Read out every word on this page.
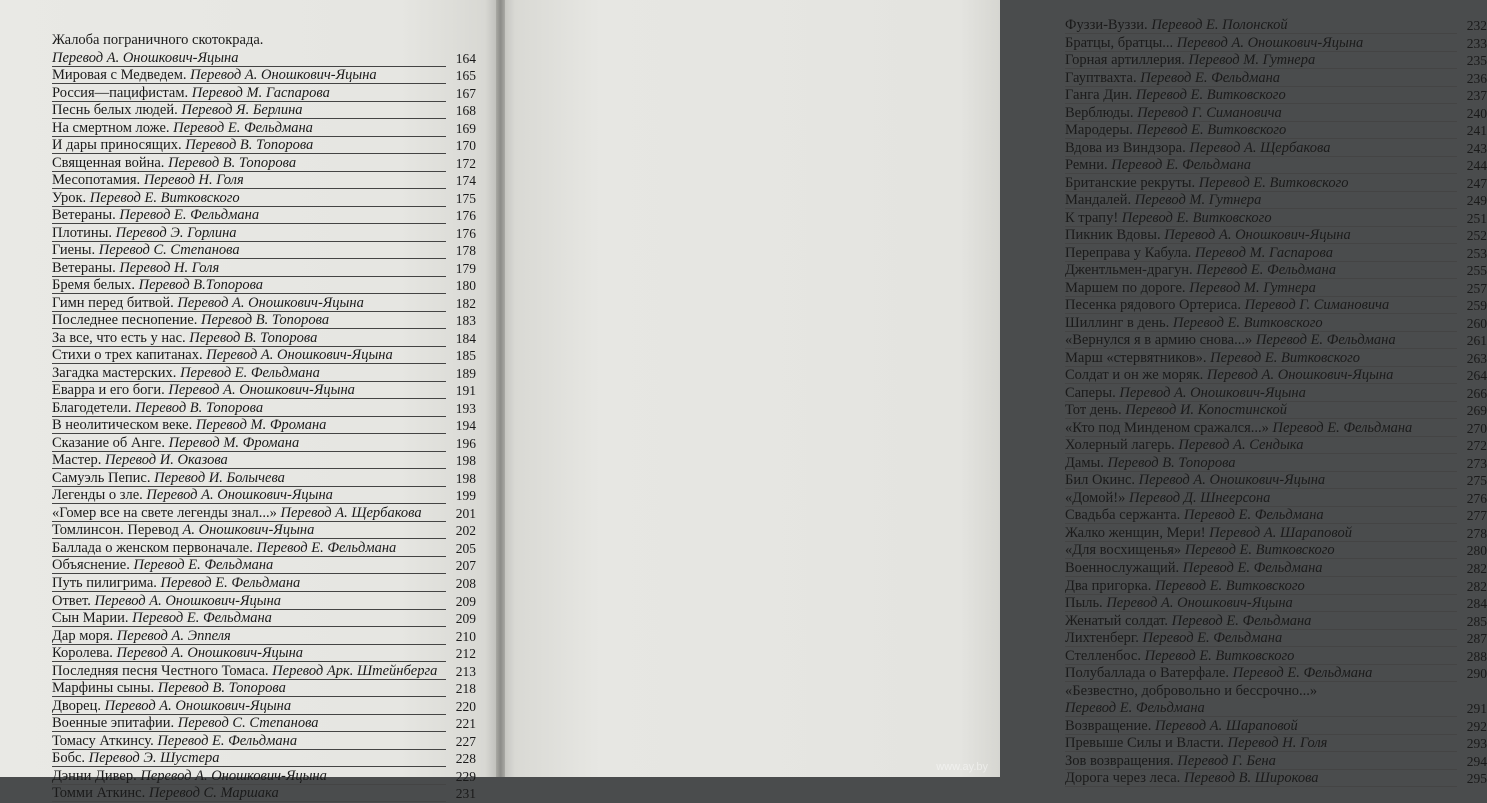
Жалоба пограничного скотокрада.
Перевод А. Оношкович-Яцына	164
Мировая с Медведем. Перевод А. Оношкович-Яцына	165
Россия—пацифистам. Перевод М. Гаспарова	167
Песнь белых людей. Перевод Я. Берлина	168
На смертном ложе. Перевод Е. Фельдмана	169
И дары приносящих. Перевод В. Топорова	170
Священная война. Перевод В. Топорова	172
Месопотамия. Перевод Н. Голя	174
Урок. Перевод Е. Витковского	175
Ветераны. Перевод Е. Фельдмана	176
Плотины. Перевод Э. Горлина	176
Гиены. Перевод С. Степанова	178
Ветераны. Перевод Н. Голя	179
Бремя белых. Перевод В.Топорова	180
Гимн перед битвой. Перевод А. Оношкович-Яцына	182
Последнее песнопение. Перевод В. Топорова	183
За все, что есть у нас. Перевод В. Топорова	184
Стихи о трех капитанах. Перевод А. Оношкович-Яцына	185
Загадка мастерских. Перевод Е. Фельдмана	189
Еварра и его боги. Перевод А. Оношкович-Яцына	191
Благодетели. Перевод В. Топорова	193
В неолитическом веке. Перевод М. Фромана	194
Сказание об Анге. Перевод М. Фромана	196
Мастер. Перевод И. Оказова	198
Самуэль Пепис. Перевод И. Болычева	198
Легенды о зле. Перевод А. Оношкович-Яцына	199
«Гомер все на свете легенды знал...» Перевод А. Щербакова	201
Томлинсон. Перевод А. Оношкович-Яцына	202
Баллада о женском первоначале. Перевод Е. Фельдмана	205
Объяснение. Перевод Е. Фельдмана	207
Путь пилигрима. Перевод Е. Фельдмана	208
Ответ. Перевод А. Оношкович-Яцына	209
Сын Марии. Перевод Е. Фельдмана	209
Дар моря. Перевод А. Эппеля	210
Королева. Перевод А. Оношкович-Яцына	212
Последняя песня Честного Томаса. Перевод Арк. Штейнберга 213
Марфины сыны. Перевод В. Топорова	218
Дворец. Перевод А. Оношкович-Яцына	220
Военные эпитафии. Перевод С. Степанова	221
Томасу Аткинсу. Перевод Е. Фельдмана	227
Бобс. Перевод Э. Шустера	228
Дэнни Дивер. Перевод А. Оношкович-Яцына	229
Томми Аткинс. Перевод С. Маршака	231
Фуззи-Вуззи. Перевод Е. Полонской	232
Братцы, братцы... Перевод А. Оношкович-Яцына	233
Горная артиллерия. Перевод М. Гутнера	235
Гауптвахта. Перевод Е. Фельдмана	236
Ганга Дин. Перевод Е. Витковского	237
Верблюды. Перевод Г. Симановича	240
Мародеры. Перевод Е. Витковского	241
Вдова из Виндзора. Перевод А. Щербакова	243
Ремни. Перевод Е. Фельдмана	244
Британские рекруты. Перевод Е. Витковского	247
Мандалей. Перевод М. Гутнера	249
К трапу! Перевод Е. Витковского	251
Пикник Вдовы. Перевод А. Оношкович-Яцына	252
Переправа у Кабула. Перевод М. Гаспарова	253
Джентльмен-драгун. Перевод Е. Фельдмана	255
Маршем по дороге. Перевод М. Гутнера	257
Песенка рядового Ортериса. Перевод Г. Симановича	259
Шиллинг в день. Перевод Е. Витковского	260
«Вернулся я в армию снова...» Перевод Е. Фельдмана	261
Марш «стервятников». Перевод Е. Витковского	263
Солдат и он же моряк. Перевод А. Оношкович-Яцына	264
Саперы. Перевод А. Оношкович-Яцына	266
Тот день. Перевод И. Копостинской	269
«Кто под Минденом сражался...» Перевод Е. Фельдмана	270
Холерный лагерь. Перевод А. Сендыка	272
Дамы. Перевод В. Топорова	273
Бил Окинс. Перевод А. Оношкович-Яцына	275
«Домой!» Перевод Д. Шнеерсона	276
Свадьба сержанта. Перевод Е. Фельдмана	277
Жалко женщин, Мери! Перевод А. Шараповой	278
«Для восхищенья» Перевод Е. Витковского	280
Военнослужащий. Перевод Е. Фельдмана	282
Два пригорка. Перевод Е. Витковского	282
Пыль. Перевод А. Оношкович-Яцына	284
Женатый солдат. Перевод Е. Фельдмана	285
Лихтенберг. Перевод Е. Фельдмана	287
Стелленбос. Перевод Е. Витковского	288
Полубаллада о Ватерфале. Перевод Е. Фельдмана	290
«Безвестно, добровольно и бессрочно...»
Перевод Е. Фельдмана	291
Возвращение. Перевод А. Шараповой	292
Превыше Силы и Власти. Перевод Н. Голя	293
Зов возвращения. Перевод Г. Бена	294
Дорога через леса. Перевод В. Широкова	295
www.ay.by
